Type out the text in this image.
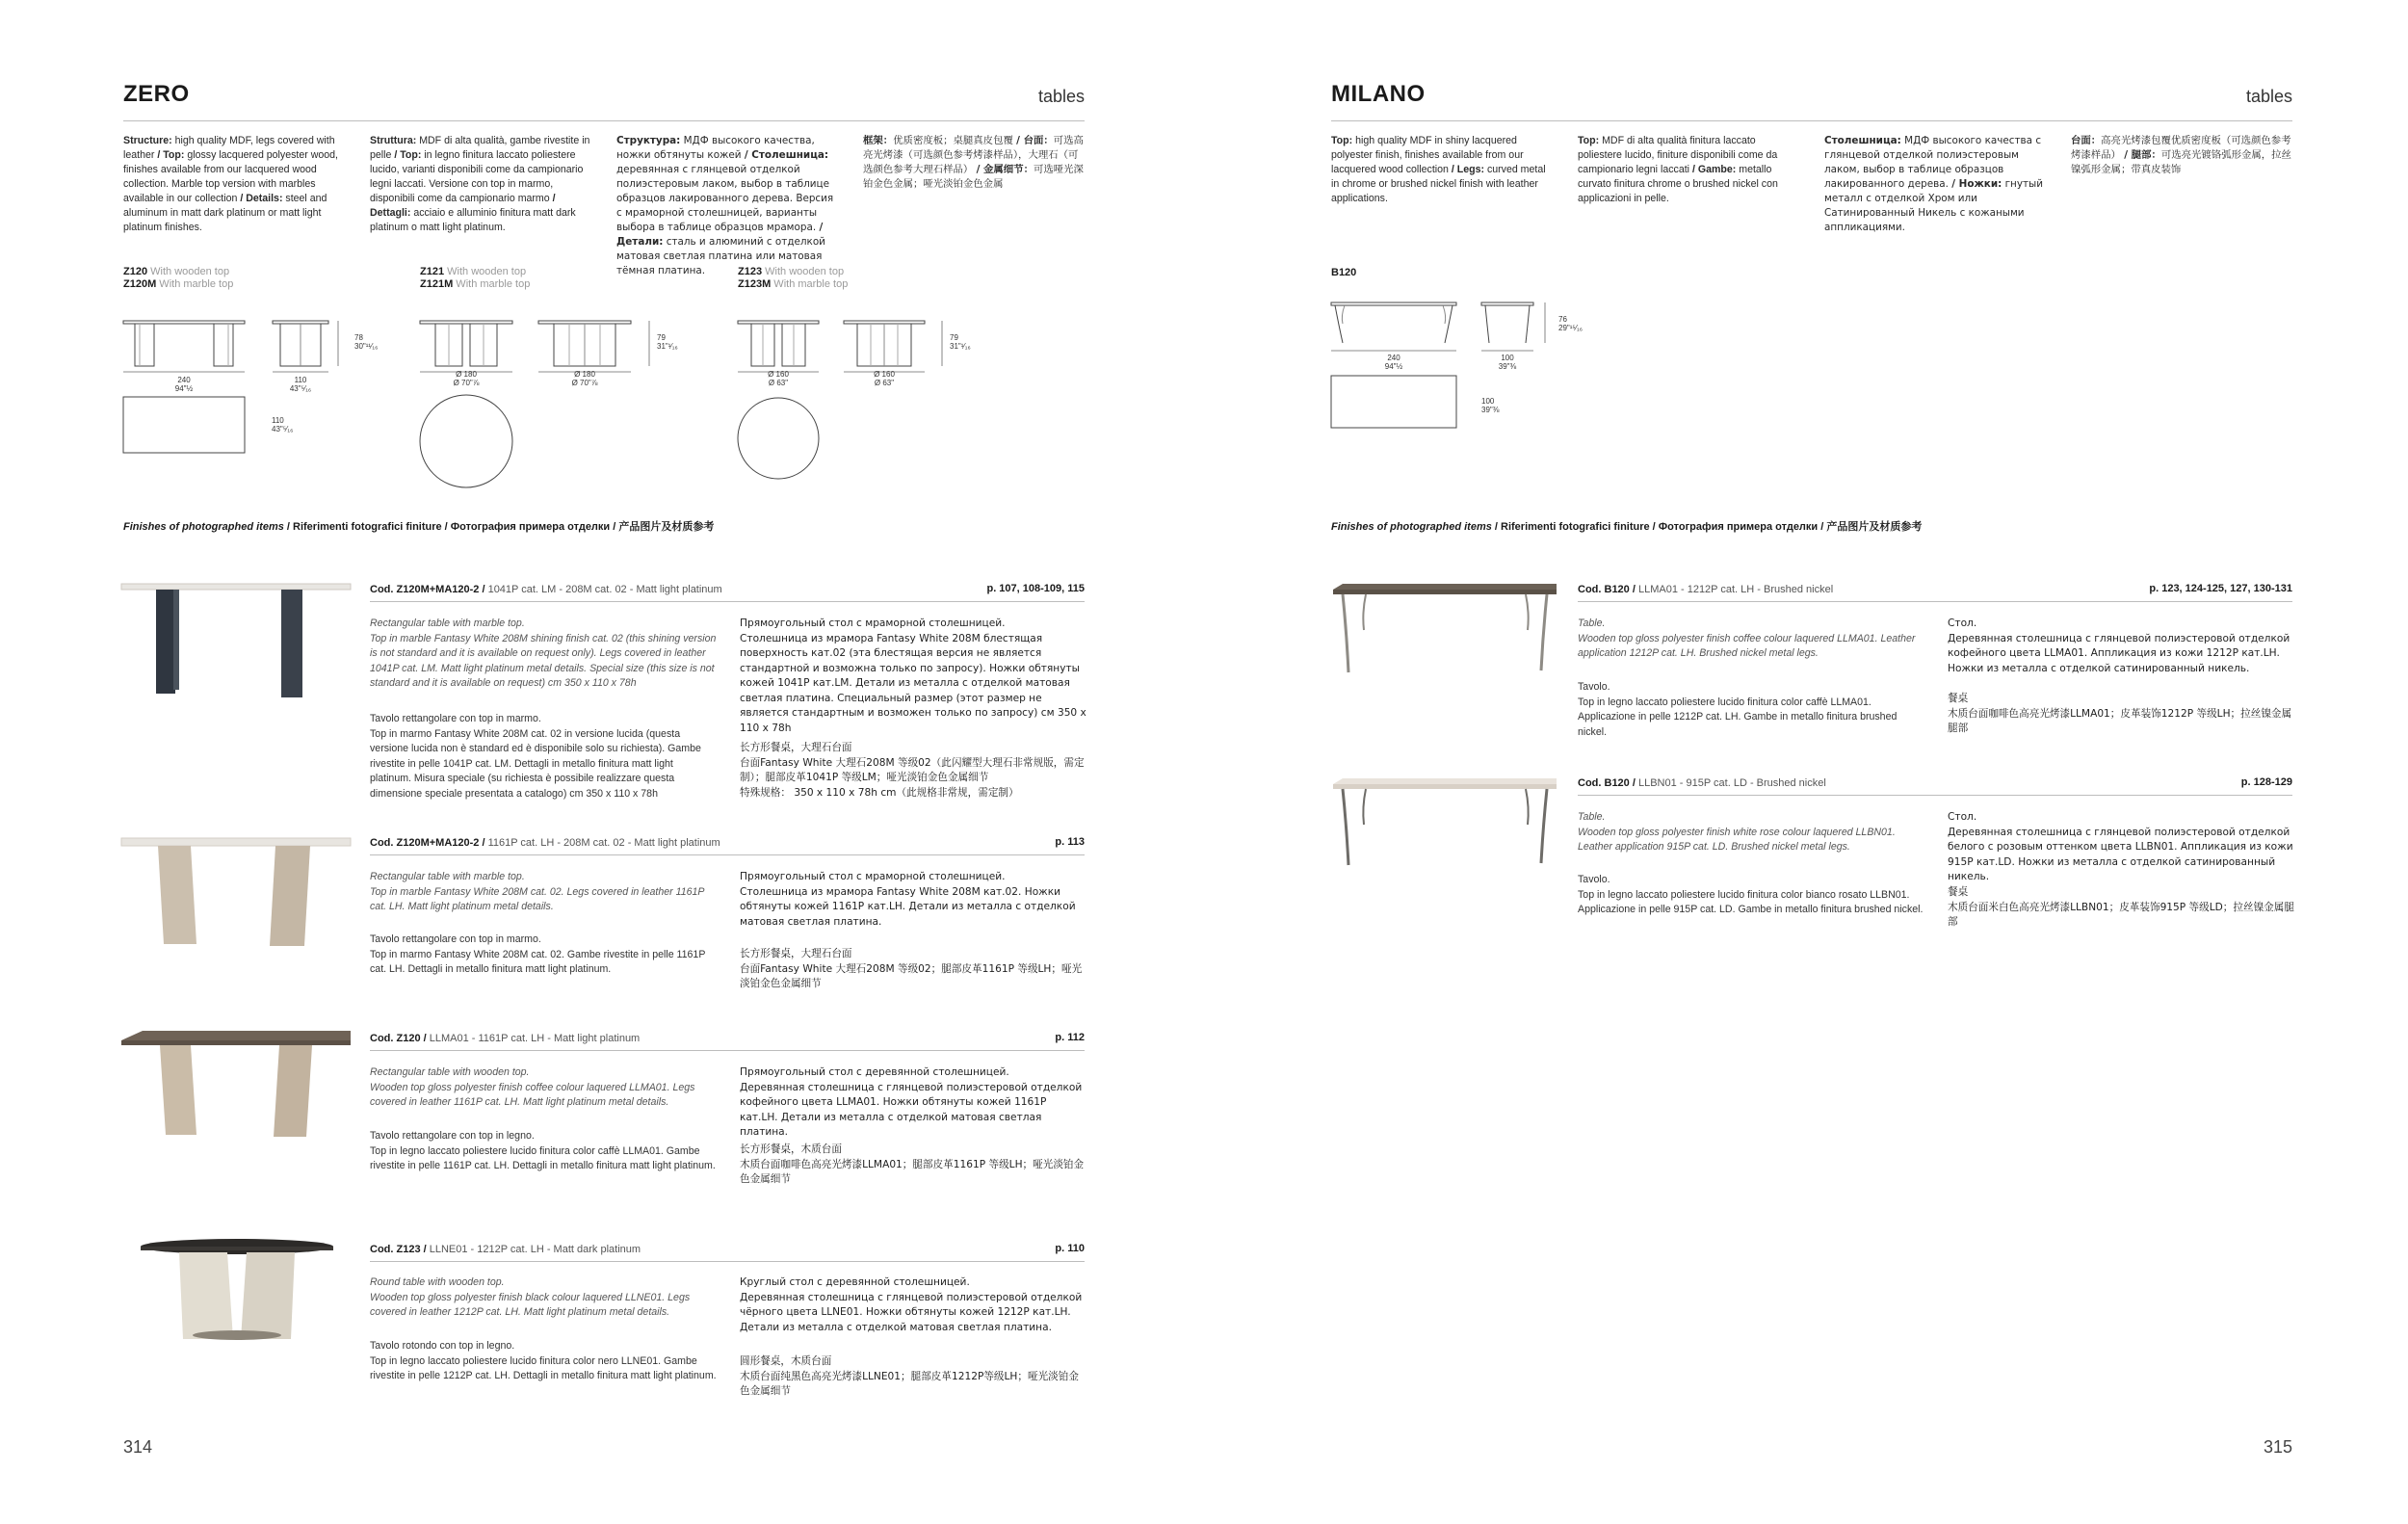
ZERO	tables
Structure: high quality MDF, legs covered with leather / Top: glossy lacquered polyester wood, finishes available from our lacquered wood collection. Marble top version with marbles available in our collection / Details: steel and aluminum in matt dark platinum or matt light platinum finishes.
Struttura: MDF di alta qualità, gambe rivestite in pelle / Top: in legno finitura laccato poliestere lucido, varianti disponibili come da campionario legni laccati. Versione con top in marmo, disponibili come da campionario marmo / Dettagli: acciaio e alluminio finitura matt dark platinum o matt light platinum.
Структура: МДФ высокого качества, ножки обтянуты кожей / Столешница: деревянная с глянцевой отделкой полиэстеровым лаком, выбор в таблице образцов лакированного дерева. Версия с мраморной столешницей, варианты выбора в таблице образцов мрамора. / Детали: сталь и алюминий с отделкой матовая светлая платина или матовая тёмная платина.
框架：优质密度板；桌腿真皮包覆 / 台面：可选高亮光烤漆（可选颜色参考烤漆样品），大理石（可选颜色参考大理石样品） / 金属细节：可选哑光深铂金色金属；哑光淡铂金色金属
Z120 With wooden top
Z120M With marble top
240
94"½
110
43"⁵⁄₁₆
78
30"¹¹⁄₁₆
110
43"⁵⁄₁₆
Z121 With wooden top
Z121M With marble top
Ø 180
Ø 70"⅞
Ø 180
Ø 70"⅞
79
31"¹⁄₁₆
Z123 With wooden top
Z123M With marble top
Ø 160
Ø 63"
Ø 160
Ø 63"
79
31"¹⁄₁₆
Finishes of photographed items / Riferimenti fotografici finiture / Фотография примера отделки / 产品图片及材质参考
Cod. Z120M+MA120-2 / 1041P cat. LM - 208M cat. 02 - Matt light platinum	p. 107, 108-109, 115
Rectangular table with marble top.
Top in marble Fantasy White 208M shining finish cat. 02 (this shining version is not standard and it is available on request only). Legs covered in leather 1041P cat. LM. Matt light platinum metal details. Special size (this size is not standard and it is available on request) cm 350 x 110 x 78h
Tavolo rettangolare con top in marmo.
Top in marmo Fantasy White 208M cat. 02 in versione lucida (questa versione lucida non è standard ed è disponibile solo su richiesta). Gambe rivestite in pelle 1041P cat. LM. Dettagli in metallo finitura matt light platinum. Misura speciale (su richiesta è possibile realizzare questa dimensione speciale presentata a catalogo) cm 350 x 110 x 78h
Прямоугольный стол с мраморной столешницей.
Столешница из мрамора Fantasy White 208M блестящая поверхность кат.02 (эта блестящая версия не является стандартной и возможна только по запросу). Ножки обтянуты кожей 1041P кат.LM. Детали из металла с отделкой матовая светлая платина. Специальный размер (этот размер не является стандартным и возможен только по запросу) см 350 x 110 x 78h
长方形餐桌，大理石台面
台面Fantasy White 大理石208M 等级02（此闪耀型大理石非常规版，需定制）；腿部皮革1041P 等级LM；哑光淡铂金色金属细节
特殊规格： 350 x 110 x 78h cm（此规格非常规，需定制）
Cod. Z120M+MA120-2 / 1161P cat. LH - 208M cat. 02 - Matt light platinum	p. 113
Rectangular table with marble top.
Top in marble Fantasy White 208M cat. 02. Legs covered in leather 1161P cat. LH. Matt light platinum metal details.
Tavolo rettangolare con top in marmo.
Top in marmo Fantasy White 208M cat. 02. Gambe rivestite in pelle 1161P cat. LH. Dettagli in metallo finitura matt light platinum.
Прямоугольный стол с мраморной столешницей.
Столешница из мрамора Fantasy White 208M кат.02. Ножки обтянуты кожей 1161P кат.LH. Детали из металла с отделкой матовая светлая платина.
长方形餐桌，大理石台面
台面Fantasy White 大理石208M 等级02；腿部皮革1161P 等级LH；哑光淡铂金色金属细节
Cod. Z120 / LLMA01 - 1161P cat. LH - Matt light platinum	p. 112
Rectangular table with wooden top.
Wooden top gloss polyester finish coffee colour laquered LLMA01. Legs covered in leather 1161P cat. LH. Matt light platinum metal details.
Tavolo rettangolare con top in legno.
Top in legno laccato poliestere lucido finitura color caffè LLMA01. Gambe rivestite in pelle 1161P cat. LH. Dettagli in metallo finitura matt light platinum.
Прямоугольный стол с деревянной столешницей.
Деревянная столешница с глянцевой полиэстеровой отделкой кофейного цвета LLMA01. Ножки обтянуты кожей 1161P кат.LH. Детали из металла с отделкой матовая светлая платина.
长方形餐桌，木质台面
木质台面咖啡色高亮光烤漆LLMA01；腿部皮革1161P 等级LH；哑光淡铂金色金属细节
Cod. Z123 / LLNE01 - 1212P cat. LH - Matt dark platinum	p. 110
Round table with wooden top.
Wooden top gloss polyester finish black colour laquered LLNE01. Legs covered in leather 1212P cat. LH. Matt light platinum metal details.
Tavolo rotondo con top in legno.
Top in legno laccato poliestere lucido finitura color nero LLNE01. Gambe rivestite in pelle 1212P cat. LH. Dettagli in metallo finitura matt light platinum.
Круглый стол с деревянной столешницей.
Деревянная столешница с глянцевой полиэстеровой отделкой чёрного цвета LLNE01. Ножки обтянуты кожей 1212P кат.LH. Детали из металла с отделкой матовая светлая платина.
圆形餐桌，木质台面
木质台面纯黑色高亮光烤漆LLNE01；腿部皮革1212P等级LH；哑光淡铂金色金属细节
314
MILANO	tables
Top: high quality MDF in shiny lacquered polyester finish, finishes available from our lacquered wood collection / Legs: curved metal in chrome or brushed nickel finish with leather applications.
Top: MDF di alta qualità finitura laccato poliestere lucido, finiture disponibili come da campionario legni laccati / Gambe: metallo curvato finitura chrome o brushed nickel con applicazioni in pelle.
Столешница: МДФ высокого качества с глянцевой отделкой полиэстеровым лаком, выбор в таблице образцов лакированного дерева. / Ножки: гнутый металл с отделкой Хром или Сатинированный Никель с кожаными аппликациями.
台面：高亮光烤漆包覆优质密度板（可选颜色参考烤漆样品） / 腿部：可选亮光镀铬弧形金属，拉丝镍弧形金属；带真皮装饰
B120
240
94"½
100
39"⅜
76
29"¹⁵⁄₁₆
100
39"⅜
Finishes of photographed items / Riferimenti fotografici finiture / Фотография примера отделки / 产品图片及材质参考
Cod. B120 / LLMA01 - 1212P cat. LH - Brushed nickel	p. 123, 124-125, 127, 130-131
Table.
Wooden top gloss polyester finish coffee colour laquered LLMA01. Leather application 1212P cat. LH. Brushed nickel metal legs.
Tavolo.
Top in legno laccato poliestere lucido finitura color caffè LLMA01.
Applicazione in pelle 1212P cat. LH. Gambe in metallo finitura brushed nickel.
Стол.
Деревянная столешница с глянцевой полиэстеровой отделкой кофейного цвета LLMA01. Аппликация из кожи 1212P кат.LH. Ножки из металла с отделкой сатинированный никель.
餐桌
木质台面咖啡色高亮光烤漆LLMA01；皮革装饰1212P 等级LH；拉丝镍金属腿部
Cod. B120 / LLBN01 - 915P cat. LD - Brushed nickel	p. 128-129
Table.
Wooden top gloss polyester finish white rose colour laquered LLBN01. Leather application 915P cat. LD. Brushed nickel metal legs.
Tavolo.
Top in legno laccato poliestere lucido finitura color bianco rosato LLBN01.
Applicazione in pelle 915P cat. LD. Gambe in metallo finitura brushed nickel.
Стол.
Деревянная столешница с глянцевой полиэстеровой отделкой белого с розовым оттенком цвета LLBN01. Аппликация из кожи 915P кат.LD. Ножки из металла с отделкой сатинированный никель.
餐桌
木质台面米白色高亮光烤漆LLBN01；皮革装饰915P 等级LD；拉丝镍金属腿部
315
